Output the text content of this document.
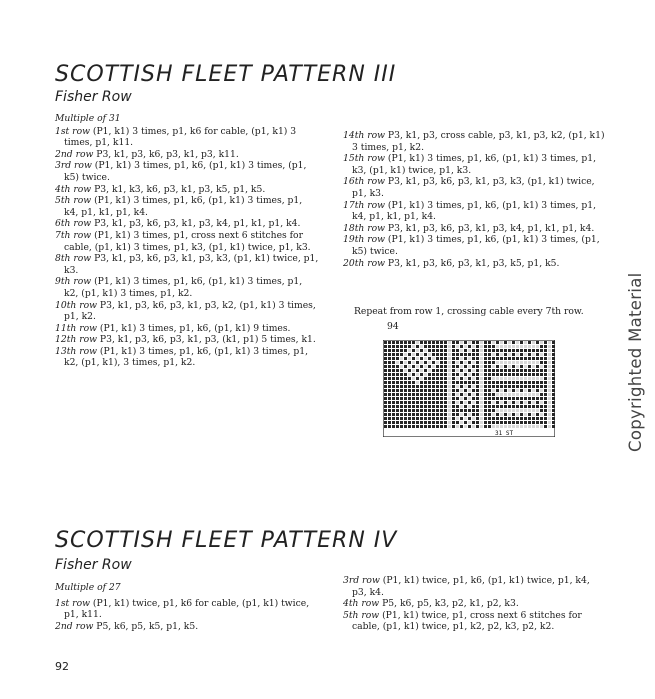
SCOTTISH FLEET PATTERN III
Fisher Row

Multiple of 31

1st row (P1, k1) 3 times, p1, k6 for cable, (p1, k1) 3 times, p1, k11.

2nd row P3, k1, p3, k6, p3, k1, p3, k11.

3rd row (P1, k1) 3 times, p1, k6, (p1, k1) 3 times, (p1, k5) twice.

4th row P3, k1, k3, k6, p3, k1, p3, k5, p1, k5.

5th row (P1, k1) 3 times, p1, k6, (p1, k1) 3 times, p1, k4, p1, k1, p1, k4.

6th row P3, k1, p3, k6, p3, k1, p3, k4, p1, k1, p1, k4.

7th row (P1, k1) 3 times, p1, cross next 6 stitches for cable, (p1, k1) 3 times, p1, k3, (p1, k1) twice, p1, k3.

8th row P3, k1, p3, k6, p3, k1, p3, k3, (p1, k1) twice, p1, k3.

9th row (P1, k1) 3 times, p1, k6, (p1, k1) 3 times, p1, k2, (p1, k1) 3 times, p1, k2.

10th row P3, k1, p3, k6, p3, k1, p3, k2, (p1, k1) 3 times, p1, k2.

11th row (P1, k1) 3 times, p1, k6, (p1, k1) 9 times.

12th row P3, k1, p3, k6, p3, k1, p3, (k1, p1) 5 times, k1.

13th row (P1, k1) 3 times, p1, k6, (p1, k1) 3 times, p1, k2, (p1, k1), 3 times, p1, k2.

14th row P3, k1, p3, cross cable, p3, k1, p3, k2, (p1, k1) 3 times, p1, k2.

15th row (P1, k1) 3 times, p1, k6, (p1, k1) 3 times, p1, k3, (p1, k1) twice, p1, k3.

16th row P3, k1, p3, k6, p3, k1, p3, k3, (p1, k1) twice, p1, k3.

17th row (P1, k1) 3 times, p1, k6, (p1, k1) 3 times, p1, k4, p1, k1, p1, k4.

18th row P3, k1, p3, k6, p3, k1, p3, k4, p1, k1, p1, k4.

19th row (P1, k1) 3 times, p1, k6, (p1, k1) 3 times, (p1, k5) twice.

20th row P3, k1, p3, k6, p3, k1, p3, k5, p1, k5.

Repeat from row 1, crossing cable every 7th row.
94
31 ST
SCOTTISH FLEET PATTERN IV
Fisher Row

Multiple of 27

1st row (P1, k1) twice, p1, k6 for cable, (p1, k1) twice, p1, k11.

2nd row P5, k6, p5, k5, p1, k5.

3rd row (P1, k1) twice, p1, k6, (p1, k1) twice, p1, k4, p3, k4.

4th row P5, k6, p5, k3, p2, k1, p2, k3.

5th row (P1, k1) twice, p1, cross next 6 stitches for cable, (p1, k1) twice, p1, k2, p2, k3, p2, k2.

Copyrighted Material
92
